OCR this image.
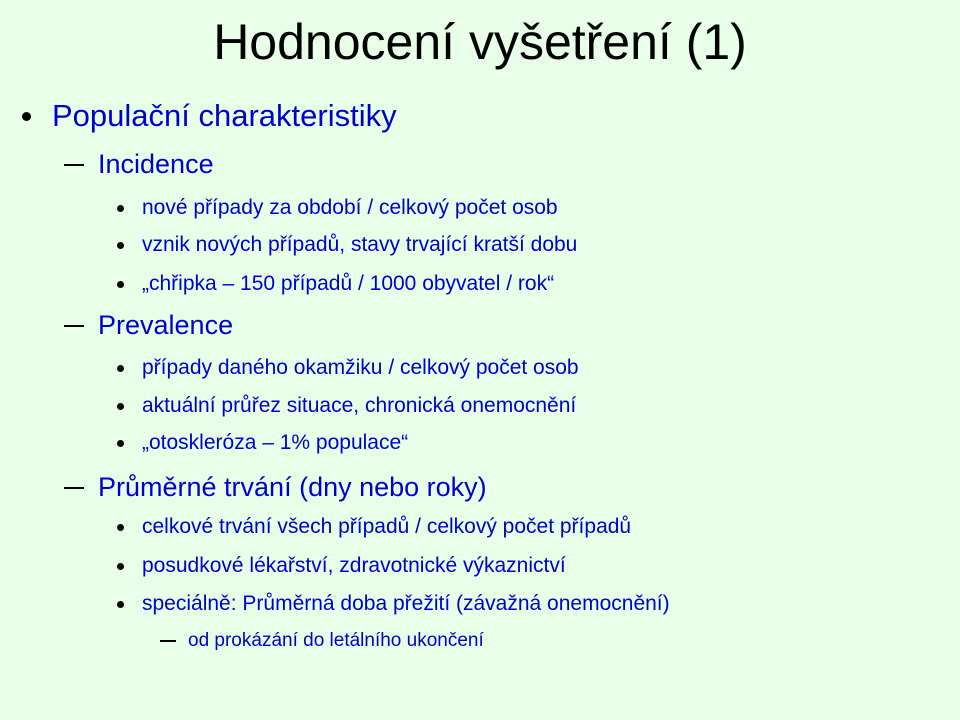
Hodnocení vyšetření (1)
Populační charakteristiky
Incidence
nové případy za období / celkový počet osob
vznik nových případů, stavy trvající kratší dobu
„chřipka – 150 případů / 1000 obyvatel / rok“
Prevalence
případy daného okamžiku / celkový počet osob
aktuální průřez situace, chronická onemocnění
„otoskleróza – 1% populace“
Průměrné trvání (dny nebo roky)
celkové trvání všech případů / celkový počet případů
posudkové lékařství, zdravotnické výkaznictví
speciálně: Průměrná doba přežití (závažná onemocnění)
od prokázání do letálního ukončení
